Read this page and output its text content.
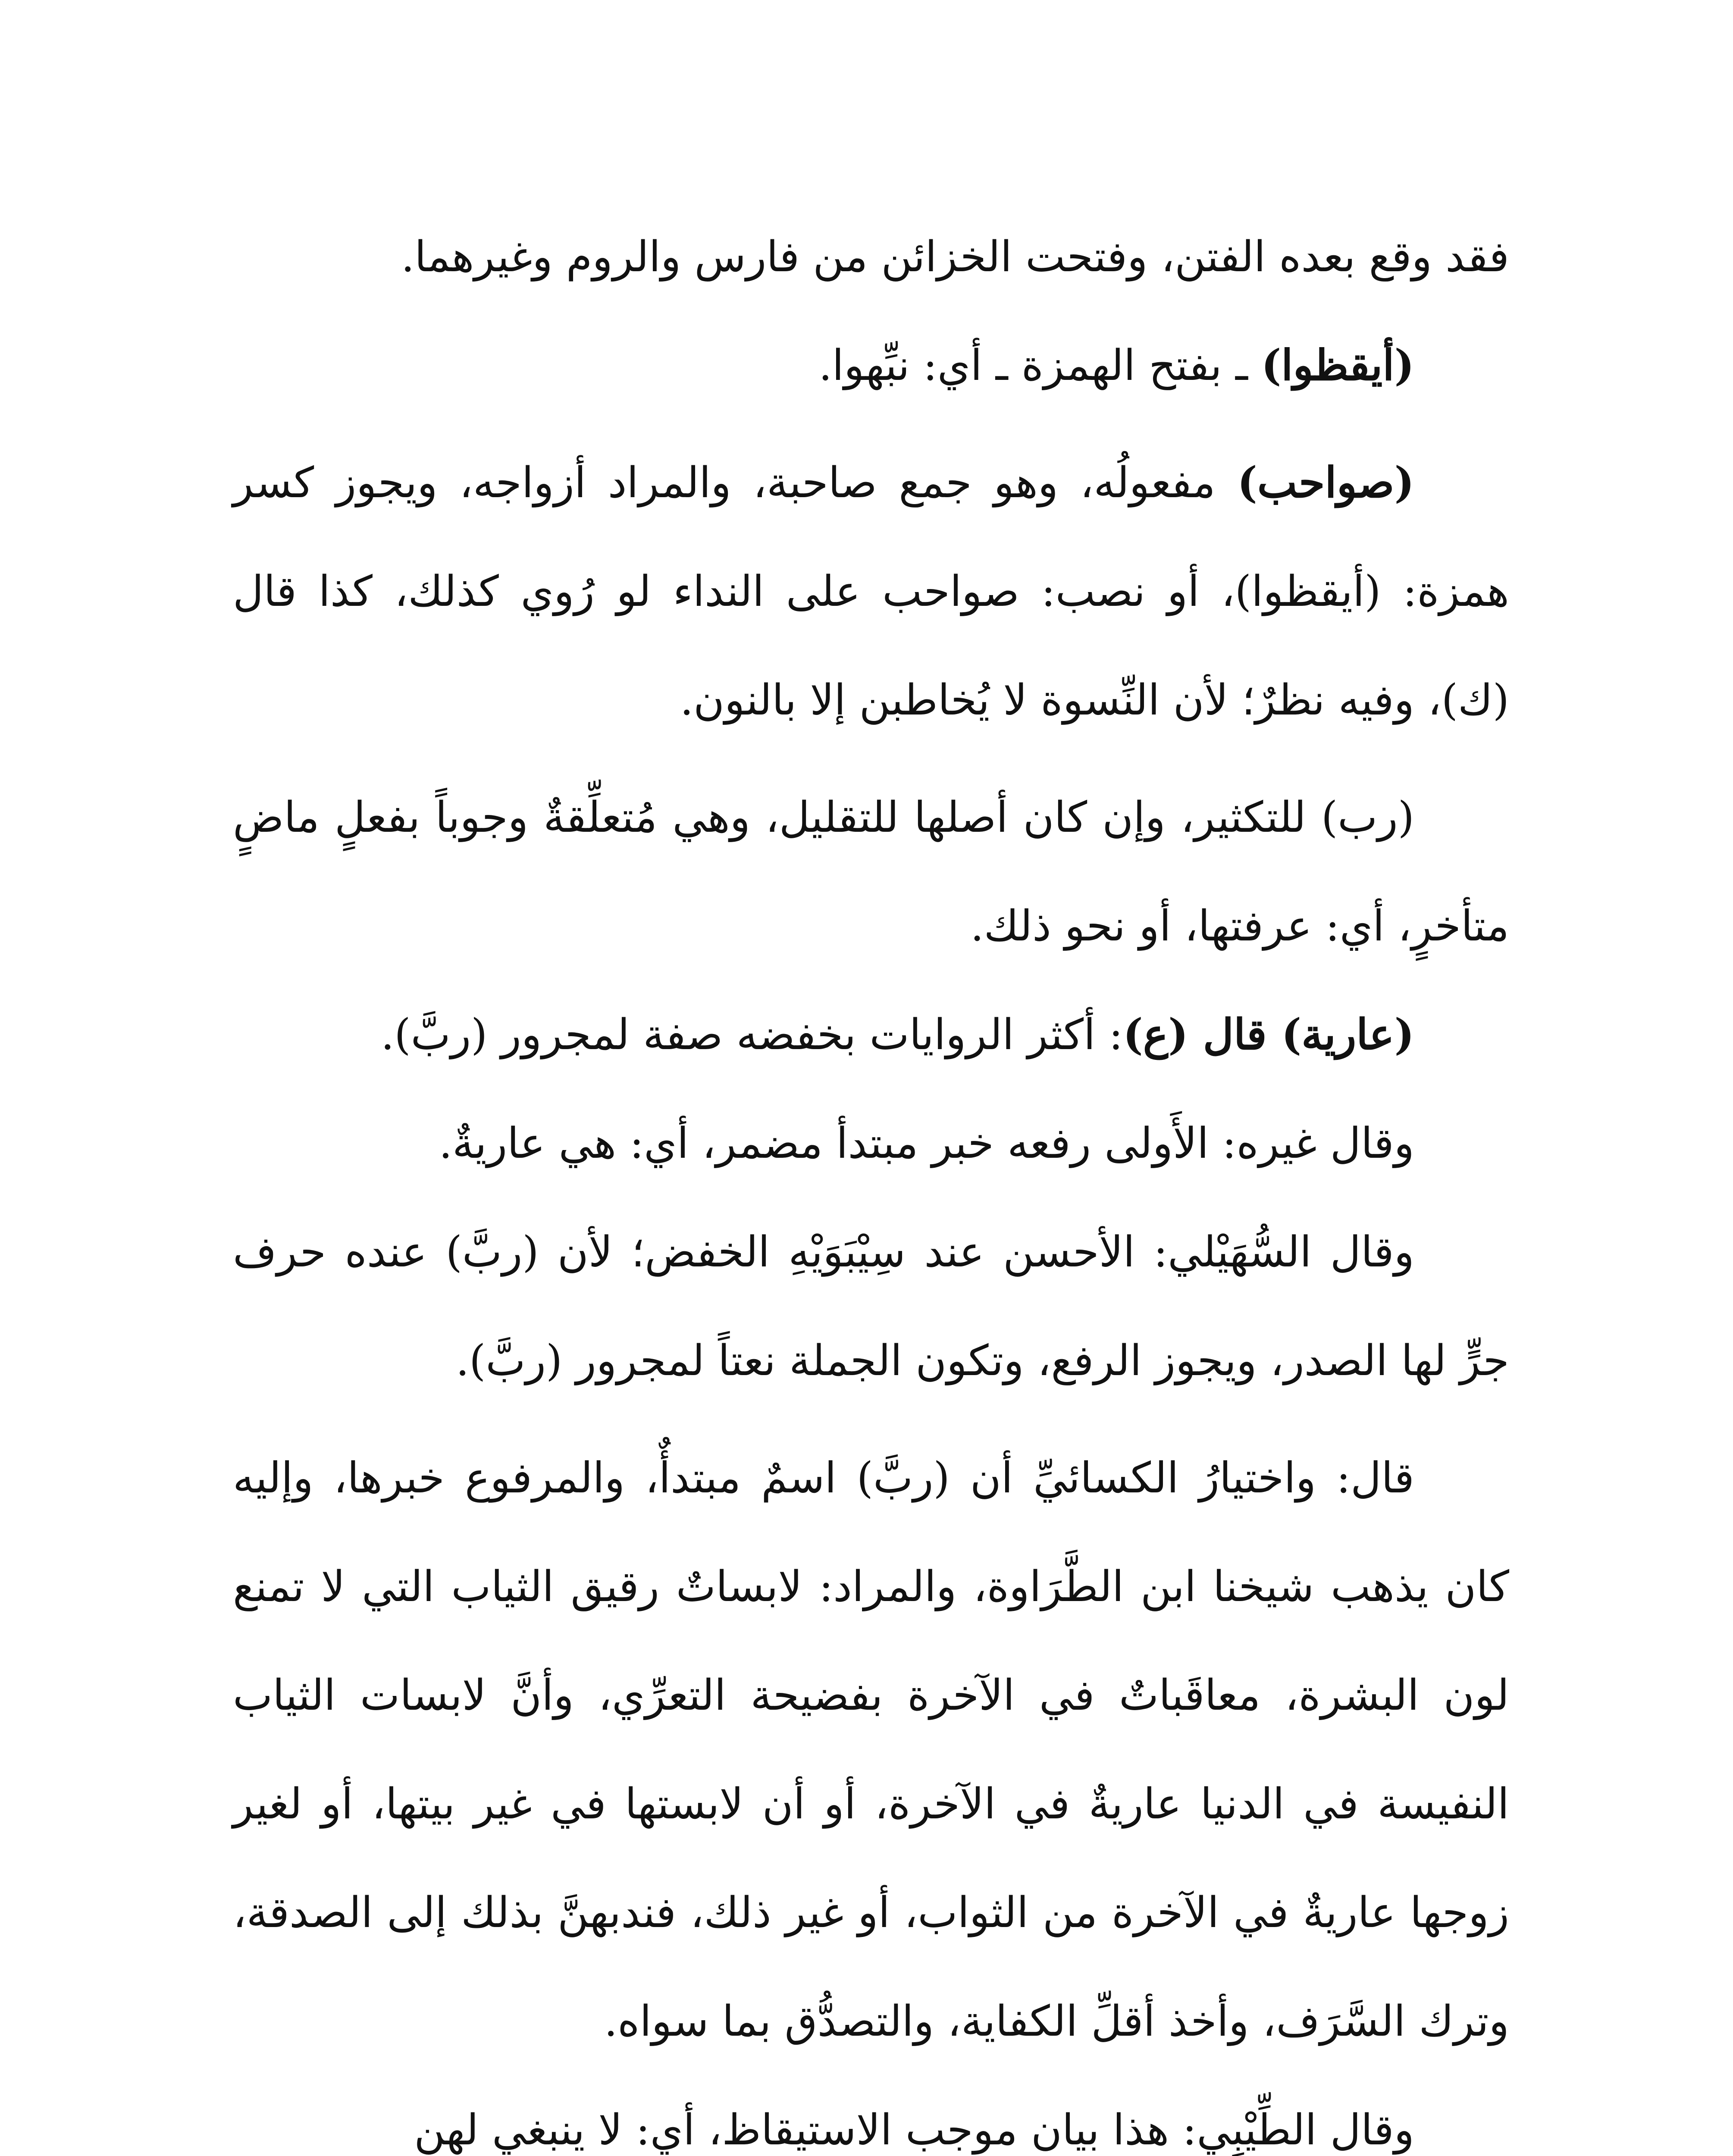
فقد وقع بعده الفتن، وفتحت الخزائن من فارس والروم وغيرهما.

(أيقظوا) ـ بفتح الهمزة ـ أي: نبِّهوا.

(صواحب) مفعولُه، وهو جمع صاحبة، والمراد أزواجه، ويجوز كسر همزة: (أيقظوا)، أو نصب: صواحب على النداء لو رُوي كذلك، كذا قال (ك)، وفيه نظرٌ؛ لأن النِّسوة لا يُخاطبن إلا بالنون.

(رب) للتكثير، وإن كان أصلها للتقليل، وهي مُتعلِّقةٌ وجوباً بفعلٍ ماضٍ متأخرٍ، أي: عرفتها، أو نحو ذلك.

(عارية) قال (ع): أكثر الروايات بخفضه صفة لمجرور (ربَّ).

وقال غيره: الأَولى رفعه خبر مبتدأ مضمر، أي: هي عاريةٌ.

وقال السُّهَيْلي: الأحسن عند سِيْبَوَيْهِ الخفض؛ لأن (ربَّ) عنده حرف جرٍّ لها الصدر، ويجوز الرفع، وتكون الجملة نعتاً لمجرور (ربَّ).

قال: واختيارُ الكسائيِّ أن (ربَّ) اسمٌ مبتدأٌ، والمرفوع خبرها، وإليه كان يذهب شيخنا ابن الطَّرَاوة، والمراد: لابساتٌ رقيق الثياب التي لا تمنع لون البشرة، معاقَباتٌ في الآخرة بفضيحة التعرِّي، وأنَّ لابسات الثياب النفيسة في الدنيا عاريةٌ في الآخرة، أو أن لابستها في غير بيتها، أو لغير زوجها عاريةٌ في الآخرة من الثواب، أو غير ذلك، فندبهنَّ بذلك إلى الصدقة، وترك السَّرَف، وأخذ أقلِّ الكفاية، والتصدُّق بما سواه.

وقال الطِّيْبِي: هذا بيان موجب الاستيقاظ، أي: لا ينبغي لهن
